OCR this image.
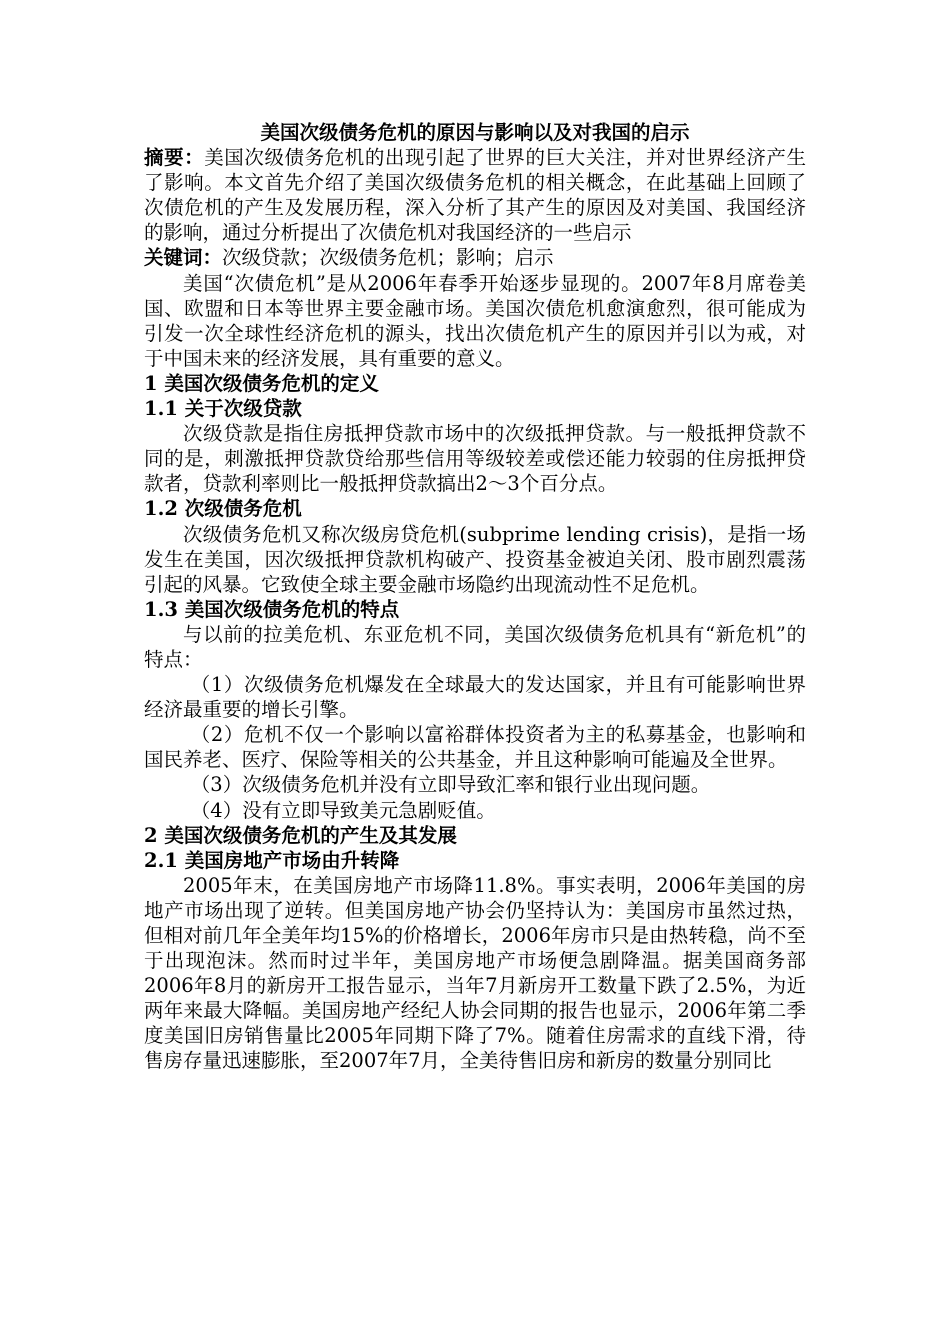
美国次级债务危机的原因与影响以及对我国的启示

摘要：美国次级债务危机的出现引起了世界的巨大关注，并对世界经济产生了影响。本文首先介绍了美国次级债务危机的相关概念，在此基础上回顾了次债危机的产生及发展历程，深入分析了其产生的原因及对美国、我国经济的影响，通过分析提出了次债危机对我国经济的一些启示

关键词：次级贷款；次级债务危机；影响；启示

美国“次债危机”是从2006年春季开始逐步显现的。2007年8月席卷美国、欧盟和日本等世界主要金融市场。美国次债危机愈演愈烈，很可能成为引发一次全球性经济危机的源头，找出次债危机产生的原因并引以为戒，对于中国未来的经济发展，具有重要的意义。

1 美国次级债务危机的定义

1.1 关于次级贷款

次级贷款是指住房抵押贷款市场中的次级抵押贷款。与一般抵押贷款不同的是，刺激抵押贷款贷给那些信用等级较差或偿还能力较弱的住房抵押贷款者，贷款利率则比一般抵押贷款搞出2～3个百分点。

1.2 次级债务危机

次级债务危机又称次级房贷危机(subprime lending crisis)，是指一场发生在美国，因次级抵押贷款机构破产、投资基金被迫关闭、股市剧烈震荡引起的风暴。它致使全球主要金融市场隐约出现流动性不足危机。

1.3 美国次级债务危机的特点

与以前的拉美危机、东亚危机不同，美国次级债务危机具有“新危机”的特点：

（1）次级债务危机爆发在全球最大的发达国家，并且有可能影响世界经济最重要的增长引擎。

（2）危机不仅一个影响以富裕群体投资者为主的私募基金，也影响和国民养老、医疗、保险等相关的公共基金，并且这种影响可能遍及全世界。

（3）次级债务危机并没有立即导致汇率和银行业出现问题。

（4）没有立即导致美元急剧贬值。

2 美国次级债务危机的产生及其发展

2.1 美国房地产市场由升转降

2005年末，在美国房地产市场降11.8%。事实表明，2006年美国的房地产市场出现了逆转。但美国房地产协会仍坚持认为：美国房市虽然过热，但相对前几年全美年均15%的价格增长，2006年房市只是由热转稳，尚不至于出现泡沫。然而时过半年，美国房地产市场便急剧降温。据美国商务部2006年8月的新房开工报告显示，当年7月新房开工数量下跌了2.5%，为近两年来最大降幅。美国房地产经纪人协会同期的报告也显示，2006年第二季度美国旧房销售量比2005年同期下降了7%。随着住房需求的直线下滑，待售房存量迅速膨胀，至2007年7月，全美待售旧房和新房的数量分别同比
